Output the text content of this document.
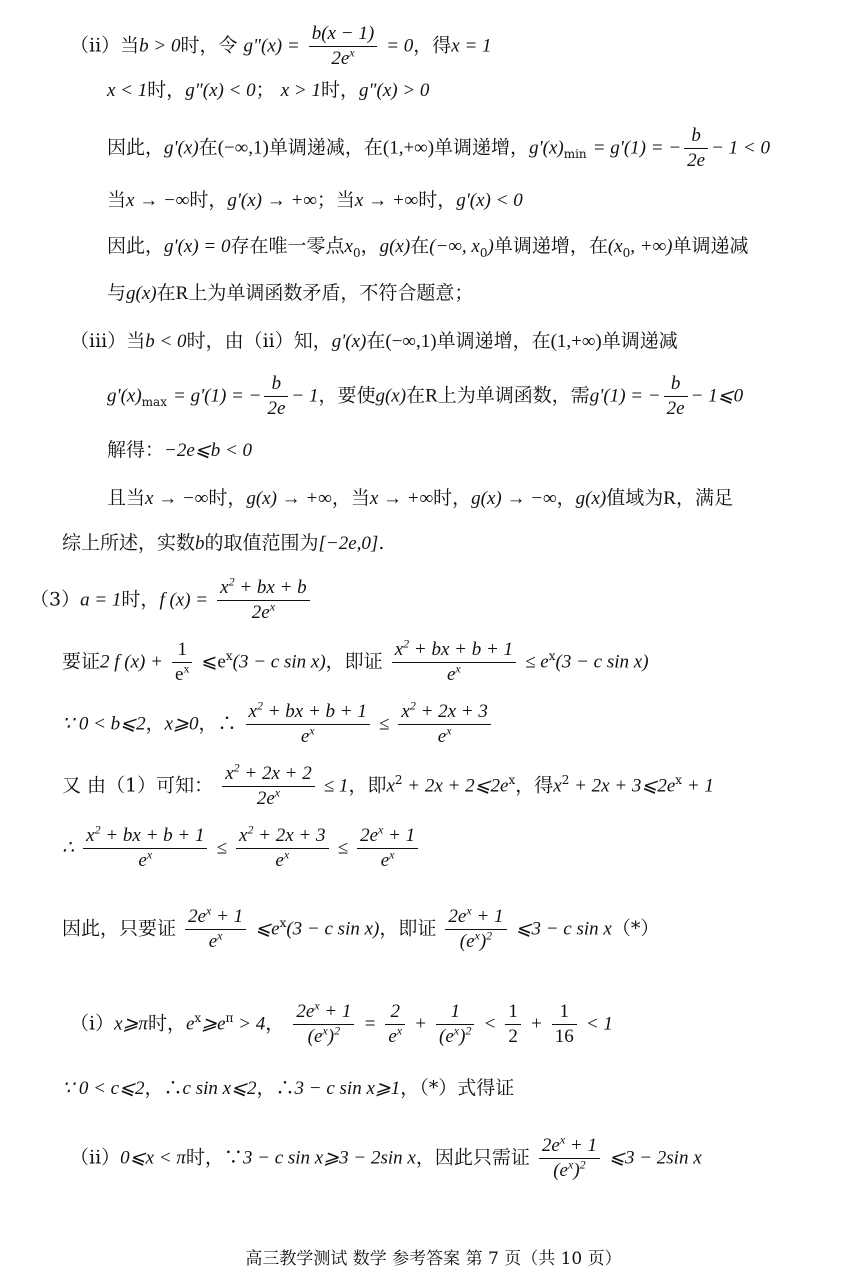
（ii）当b > 0时，令 g"(x) = $\frac{b(x - 1)}{2e^x} = 0$，得x = 1
x < 1时，g"(x) < 0； x > 1时，g"(x) > 0
因此，g'(x)在(−∞,1)单调递减，在(1,+∞)单调递增，$g'(x)_{min} = g'(1)$ = − $\frac{b}{2e} - 1 < 0$
当x → −∞时，g'(x) → +∞；当x → +∞时，g'(x) < 0
因此，g'(x) = 0存在唯一零点$x_0$，g(x)在(−∞, $x_0$)单调递增，在($x_0$, +∞)单调递减
与g(x)在R上为单调函数矛盾，不符合题意；
（iii）当b < 0时，由（ii）知，g'(x)在(−∞,1)单调递增，在(1,+∞)单调递减
$g'(x)_{max} = g'(1)$ = − $\frac{b}{2e} - 1$，要使g(x)在R上为单调函数，需g'(1) = − $\frac{b}{2e}$ − 1⩽0
解得：−2e⩽b < 0
且当x → −∞时，g(x) → +∞，当x → +∞时，g(x) → −∞，g(x)值域为R，满足
综上所述，实数b的取值范围为[−2e,0].
（3）a = 1时，f $(x) = \frac{x^2 + bx + b}{2e^x}$
要证2 f $(x) + \frac{1}{e^x}$ $⩽e^x(3 - c$ sin x)，即证 $\frac{x^2 + bx + b + 1}{e^x} \le e^x(3 - c$ sin x)
∵ 0 < b⩽2，x⩾0，∴ $\frac{x^2 + bx + b + 1}{e^x} \le \frac{x^2 + 2x + 3}{e^x}$
又 由（1）可知： $\frac{x^2 + 2x + 2}{2e^x} \le 1$，即$x^2 + 2x$ + $2⩽2e^x$，得$x^2 + 2x$ + $3⩽2e^x + 1$
∴ $\frac{x^2 + bx + b + 1}{e^x} \le \frac{x^2 + 2x + 3}{e^x} \le \frac{2e^x + 1}{e^x}$
因此，只要证 $\frac{2e^x + 1}{e^x}$ $⩽e^x(3 - c$ sin x)，即证 $\frac{2e^x + 1}{(e^x)^2}$ ⩽3 − c sin x（*）
（i）x⩾π时，$e^x⩾e^\pi > 4$， $\frac{2e^x + 1}{(e^x)^2} = \frac{2}{e^x} + \frac{1}{(e^x)^2} < \frac{1}{2} + \frac{1}{16} < 1$
∵ 0 < c⩽2，∴c sin x⩽2，∴3 − c sin x⩾1，（*）式得证
（ii）0⩽x < π时，∵3 − c sin x⩾3 − 2sin x，因此只需证 $\frac{2e^x + 1}{(e^x)^2}$ ⩽3 − 2sin x
高三教学测试 数学 参考答案 第 7 页（共 10 页）
